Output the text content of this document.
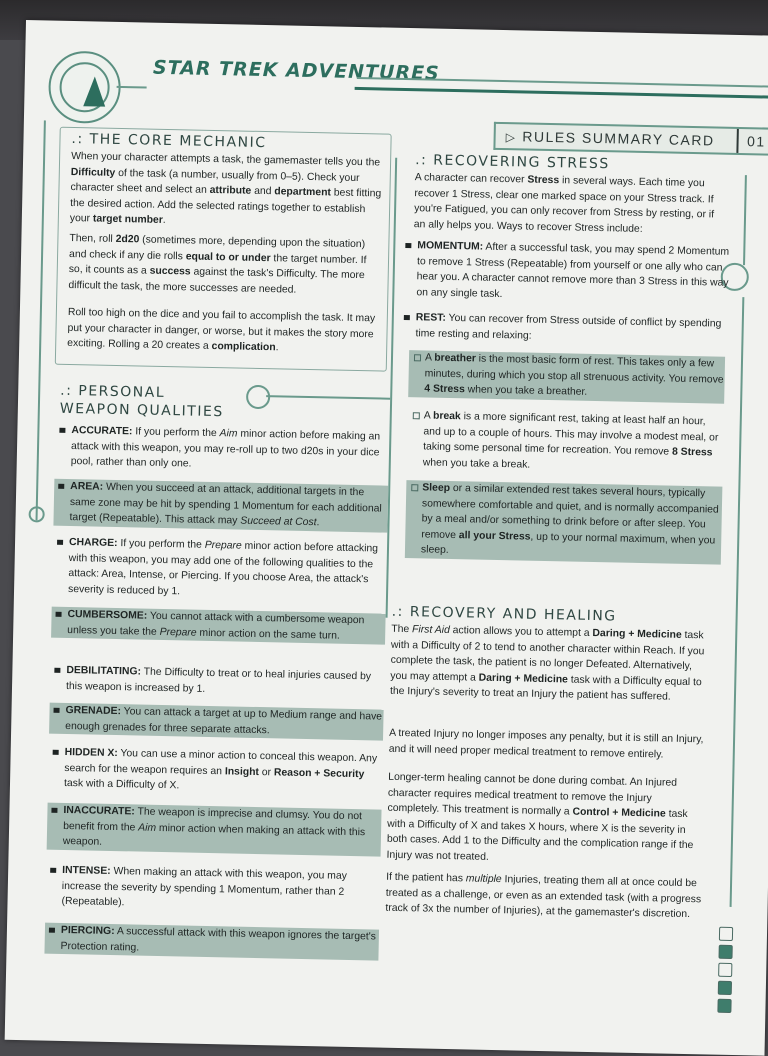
STAR TREK ADVENTURES
▷ RULES SUMMARY CARD	01
.: THE CORE MECHANIC

When your character attempts a task, the gamemaster tells you the Difficulty of the task (a number, usually from 0–5). Check your character sheet and select an attribute and department best fitting the desired action. Add the selected ratings together to establish your target number.

Then, roll 2d20 (sometimes more, depending upon the situation) and check if any die rolls equal to or under the target number. If so, it counts as a success against the task's Difficulty. The more difficult the task, the more successes are needed.

Roll too high on the dice and you fail to accomplish the task. It may put your character in danger, or worse, but it makes the story more exciting. Rolling a 20 creates a complication.

.: PERSONAL
WEAPON QUALITIES
ACCURATE: If you perform the Aim minor action before making an attack with this weapon, you may re-roll up to two d20s in your dice pool, rather than only one.
AREA: When you succeed at an attack, additional targets in the same zone may be hit by spending 1 Momentum for each additional target (Repeatable). This attack may Succeed at Cost.
CHARGE: If you perform the Prepare minor action before attacking with this weapon, you may add one of the following qualities to the attack: Area, Intense, or Piercing. If you choose Area, the attack's severity is reduced by 1.
CUMBERSOME: You cannot attack with a cumbersome weapon unless you take the Prepare minor action on the same turn.
DEBILITATING: The Difficulty to treat or to heal injuries caused by this weapon is increased by 1.
GRENADE: You can attack a target at up to Medium range and have enough grenades for three separate attacks.
HIDDEN X: You can use a minor action to conceal this weapon. Any search for the weapon requires an Insight or Reason + Security task with a Difficulty of X.
INACCURATE: The weapon is imprecise and clumsy. You do not benefit from the Aim minor action when making an attack with this weapon.
INTENSE: When making an attack with this weapon, you may increase the severity by spending 1 Momentum, rather than 2 (Repeatable).
PIERCING: A successful attack with this weapon ignores the target's Protection rating.
.: RECOVERING STRESS

A character can recover Stress in several ways. Each time you recover 1 Stress, clear one marked space on your Stress track. If you're Fatigued, you can only recover from Stress by resting, or if an ally helps you. Ways to recover Stress include:

MOMENTUM: After a successful task, you may spend 2 Momentum to remove 1 Stress (Repeatable) from yourself or one ally who can hear you. A character cannot remove more than 3 Stress in this way on any single task.
REST: You can recover from Stress outside of conflict by spending time resting and relaxing:
A breather is the most basic form of rest. This takes only a few minutes, during which you stop all strenuous activity. You remove 4 Stress when you take a breather.
A break is a more significant rest, taking at least half an hour, and up to a couple of hours. This may involve a modest meal, or taking some personal time for recreation. You remove 8 Stress when you take a break.
Sleep or a similar extended rest takes several hours, typically somewhere comfortable and quiet, and is normally accompanied by a meal and/or something to drink before or after sleep. You remove all your Stress, up to your normal maximum, when you sleep.
.: RECOVERY AND HEALING

The First Aid action allows you to attempt a Daring + Medicine task with a Difficulty of 2 to tend to another character within Reach. If you complete the task, the patient is no longer Defeated. Alternatively, you may attempt a Daring + Medicine task with a Difficulty equal to the Injury's severity to treat an Injury the patient has suffered.

A treated Injury no longer imposes any penalty, but it is still an Injury, and it will need proper medical treatment to remove entirely.

Longer-term healing cannot be done during combat. An Injured character requires medical treatment to remove the Injury completely. This treatment is normally a Control + Medicine task with a Difficulty of X and takes X hours, where X is the severity in both cases. Add 1 to the Difficulty and the complication range if the Injury was not treated.

If the patient has multiple Injuries, treating them all at once could be treated as a challenge, or even as an extended task (with a progress track of 3x the number of Injuries), at the gamemaster's discretion.
